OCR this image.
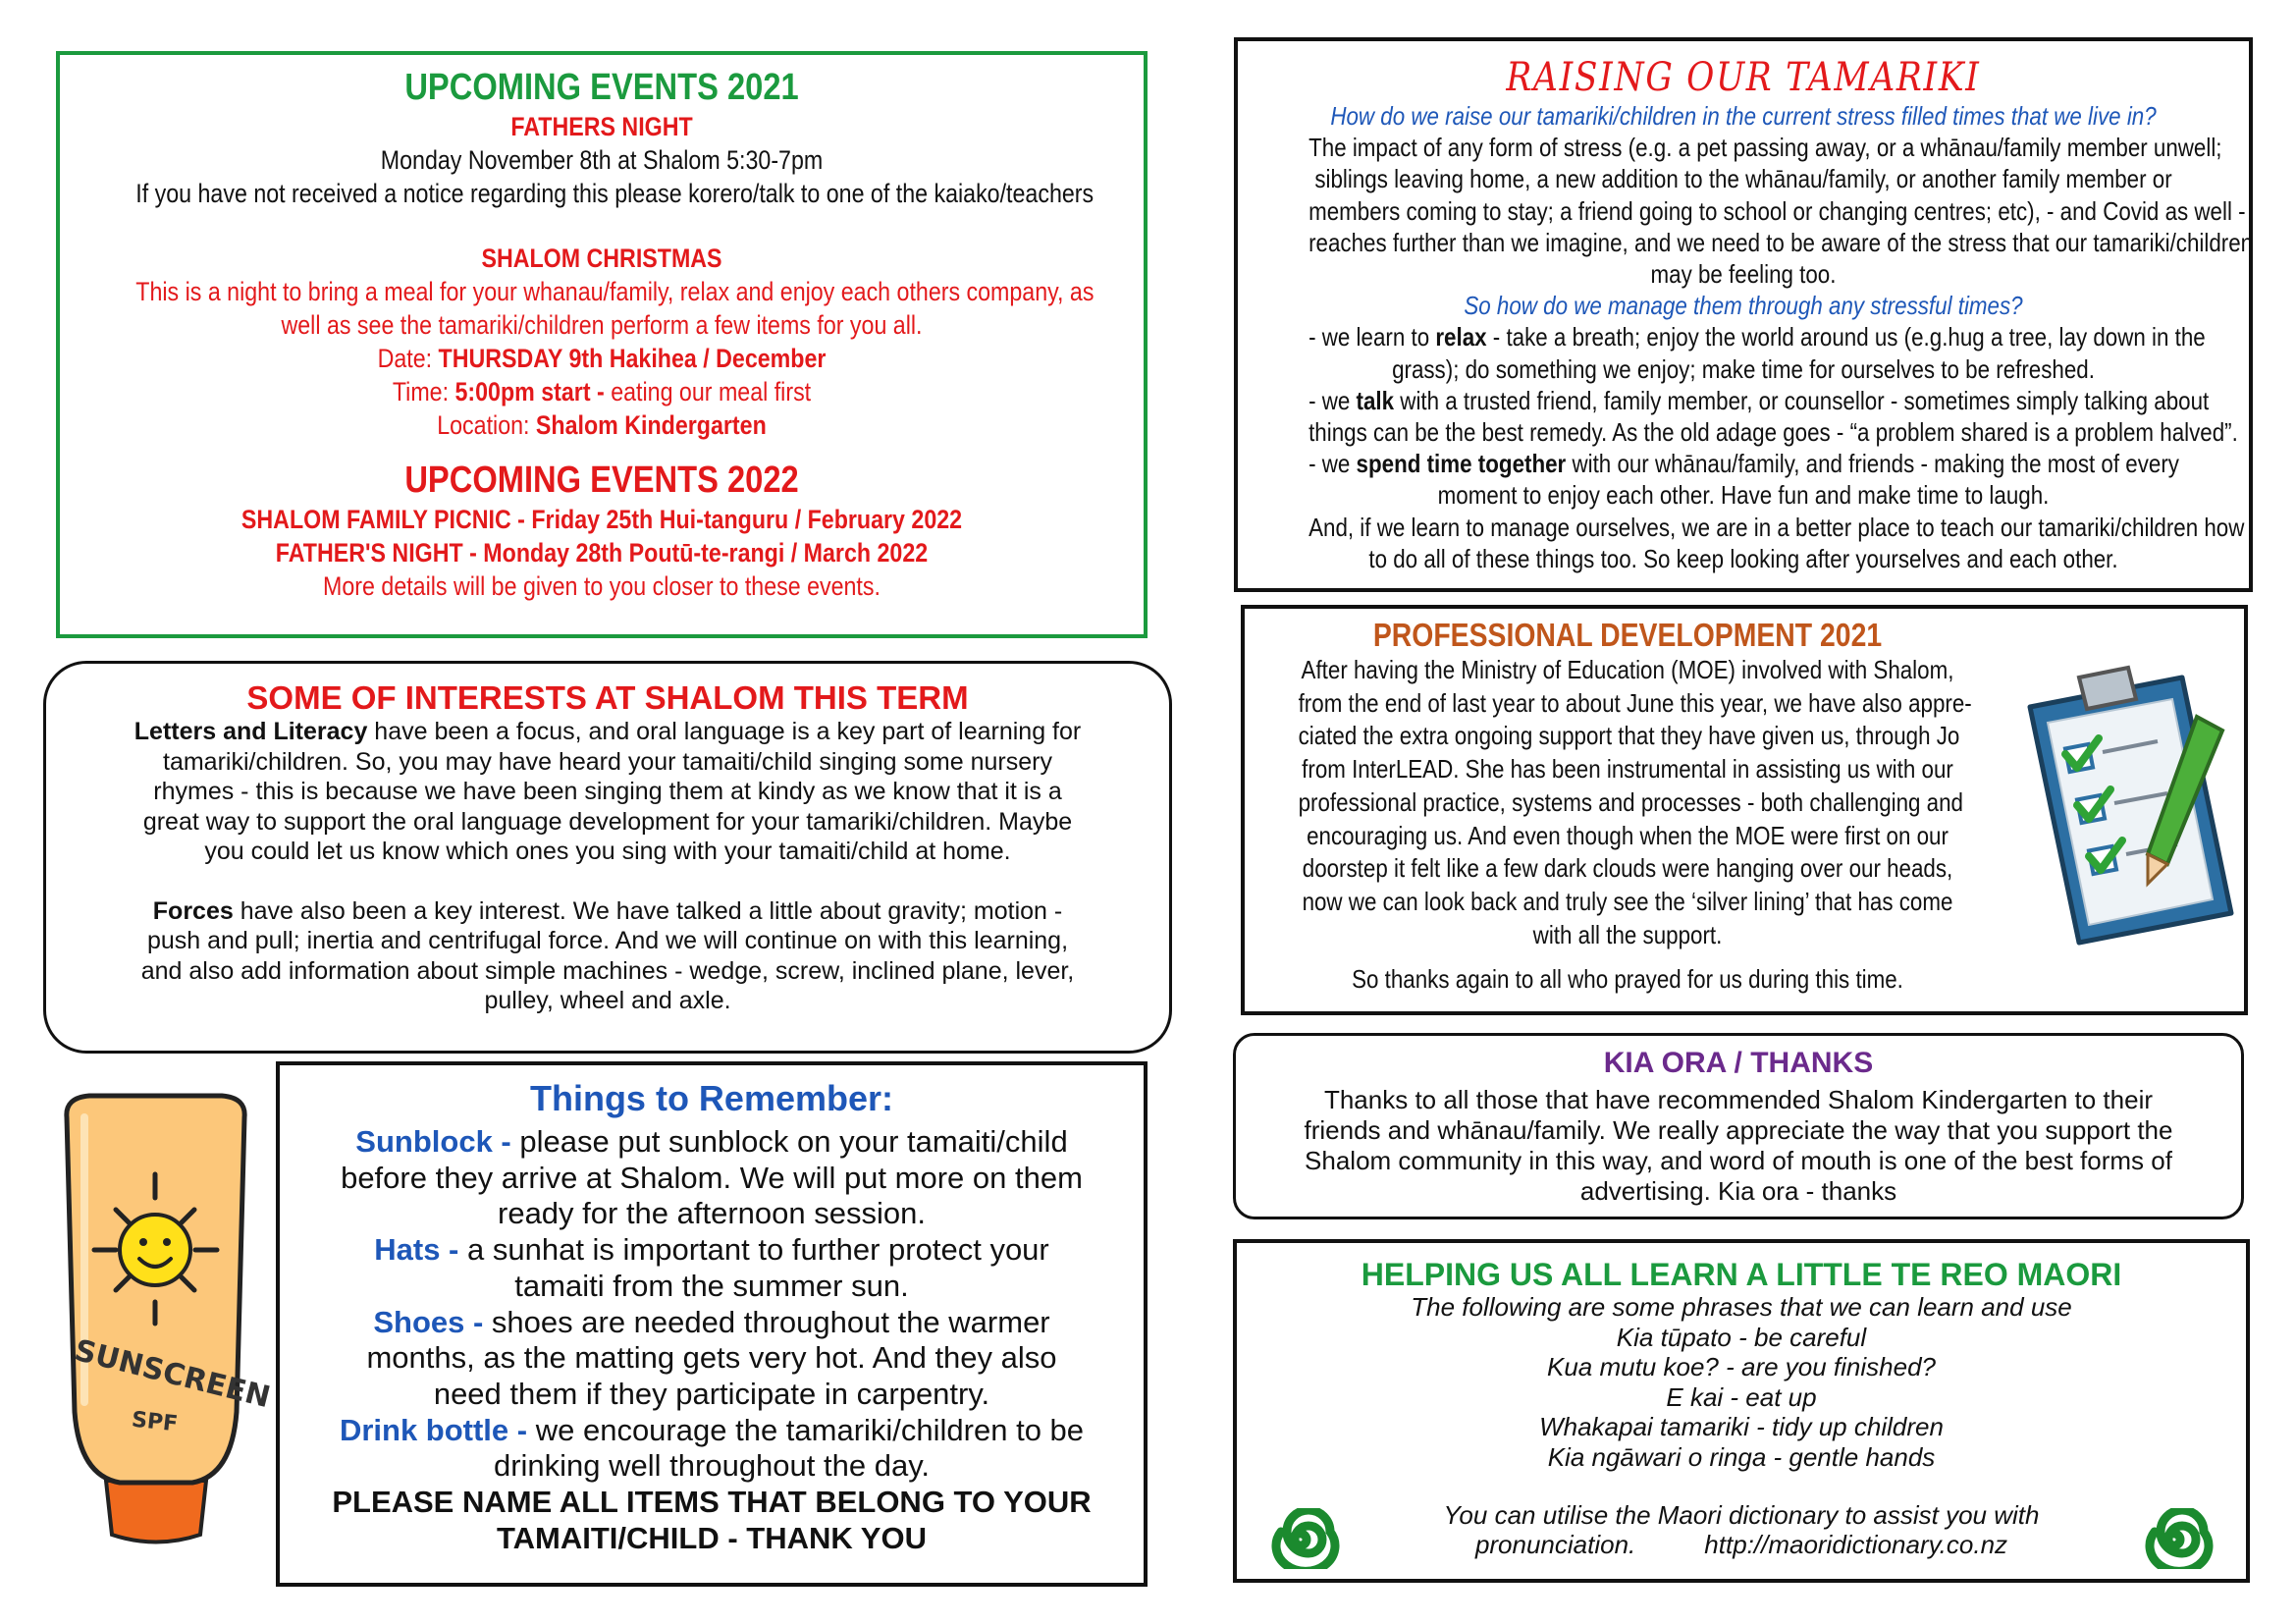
UPCOMING EVENTS 2021
FATHERS NIGHT
Monday November 8th at Shalom 5:30-7pm
If you have not received a notice regarding this please korero/talk to one of the kaiako/teachers
SHALOM CHRISTMAS
This is a night to bring a meal for your whanau/family, relax and enjoy each others company, as
well as see the tamariki/children perform a few items for you all.
Date: THURSDAY 9th Hakihea / December
Time: 5:00pm start - eating our meal first
Location: Shalom Kindergarten
UPCOMING EVENTS 2022
SHALOM FAMILY PICNIC - Friday 25th Hui-tanguru / February 2022
FATHER'S NIGHT - Monday 28th Poutū-te-rangi / March 2022
More details will be given to you closer to these events.
SOME OF INTERESTS AT SHALOM THIS TERM
Letters and Literacy have been a focus, and oral language is a key part of learning for
tamariki/children. So, you may have heard your tamaiti/child singing some nursery
rhymes - this is because we have been singing them at kindy as we know that it is a
great way to support the oral language development for your tamariki/children. Maybe
you could let us know which ones you sing with your tamaiti/child at home.
Forces have also been a key interest. We have talked a little about gravity; motion -
push and pull; inertia and centrifugal force. And we will continue on with this learning,
and also add information about simple machines - wedge, screw, inclined plane, lever,
pulley, wheel and axle.
SUNSCREEN
SPF
Things to Remember:
Sunblock - please put sunblock on your tamaiti/child
before they arrive at Shalom. We will put more on them
ready for the afternoon session.
Hats - a sunhat is important to further protect your
tamaiti from the summer sun.
Shoes - shoes are needed throughout the warmer
months, as the matting gets very hot. And they also
need them if they participate in carpentry.
Drink bottle - we encourage the tamariki/children to be
drinking well throughout the day.
PLEASE NAME ALL ITEMS THAT BELONG TO YOUR
TAMAITI/CHILD - THANK YOU
RAISING OUR TAMARIKI
How do we raise our tamariki/children in the current stress filled times that we live in?
The impact of any form of stress (e.g. a pet passing away, or a whānau/family member unwell;
siblings leaving home, a new addition to the whānau/family, or another family member or
members coming to stay; a friend going to school or changing centres; etc), - and Covid as well -
reaches further than we imagine, and we need to be aware of the stress that our tamariki/children
may be feeling too.
So how do we manage them through any stressful times?
- we learn to relax - take a breath; enjoy the world around us (e.g.hug a tree, lay down in the
grass); do something we enjoy; make time for ourselves to be refreshed.
- we talk with a trusted friend, family member, or counsellor - sometimes simply talking about
things can be the best remedy. As the old adage goes - “a problem shared is a problem halved”.
- we spend time together with our whānau/family, and friends - making the most of every
moment to enjoy each other. Have fun and make time to laugh.
And, if we learn to manage ourselves, we are in a better place to teach our tamariki/children how
to do all of these things too. So keep looking after yourselves and each other.
PROFESSIONAL DEVELOPMENT 2021
After having the Ministry of Education (MOE) involved with Shalom,
from the end of last year to about June this year, we have also appre-
ciated the extra ongoing support that they have given us, through Jo
from InterLEAD. She has been instrumental in assisting us with our
professional practice, systems and processes - both challenging and
encouraging us. And even though when the MOE were first on our
doorstep it felt like a few dark clouds were hanging over our heads,
now we can look back and truly see the ‘silver lining’ that has come
with all the support.
So thanks again to all who prayed for us during this time.
KIA ORA / THANKS
Thanks to all those that have recommended Shalom Kindergarten to their
friends and whānau/family. We really appreciate the way that you support the
Shalom community in this way, and word of mouth is one of the best forms of
advertising. Kia ora - thanks
HELPING US ALL LEARN A LITTLE TE REO MAORI
The following are some phrases that we can learn and use
Kia tūpato - be careful
Kua mutu koe? - are you finished?
E kai - eat up
Whakapai tamariki - tidy up children
Kia ngāwari o ringa - gentle hands
You can utilise the Maori dictionary to assist you with
pronunciation.	http://maoridictionary.co.nz
